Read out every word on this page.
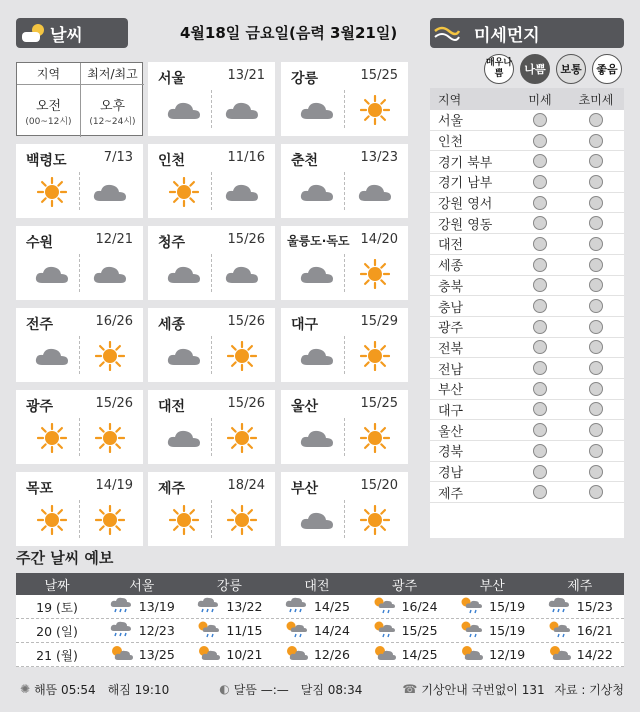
날씨	4월18일 금요일(음력 3월21일)	미세먼지
지역	최저/최고
오전
(00~12시)
오후
(12~24시)
서울	13/21 강릉	15/25
백령도	7/13 인천	11/16 춘천	13/23
수원	12/21 청주	15/26 울릉도·독도 14/20
전주	16/26 세종	15/26 대구	15/29
광주	15/26 대전	15/26 울산	15/25
목포	14/19 제주	18/24 부산	15/20
매우나쁨	나쁨	보통	좋음
지역	미세	초미세
서울
인천
경기 북부
경기 남부
강원 영서
강원 영동
대전
세종
충북
충남
광주
전북
전남
부산
대구
울산
경북
경남
제주
주간 날씨 예보
날짜	서울	강릉	대전	광주	부산	제주
19 (토)	13/19	13/22	14/25	16/24	15/19	15/23
20 (일)	12/23	11/15	14/24	15/25	15/19	16/21
21 (월)	13/25	10/21	12/26	14/25	12/19	14/22
✺ 해뜸 05:54 해짐 19:10	◐ 달뜸 —:— 달짐 08:34	☎ 기상안내 국번없이 131 자료 : 기상청
